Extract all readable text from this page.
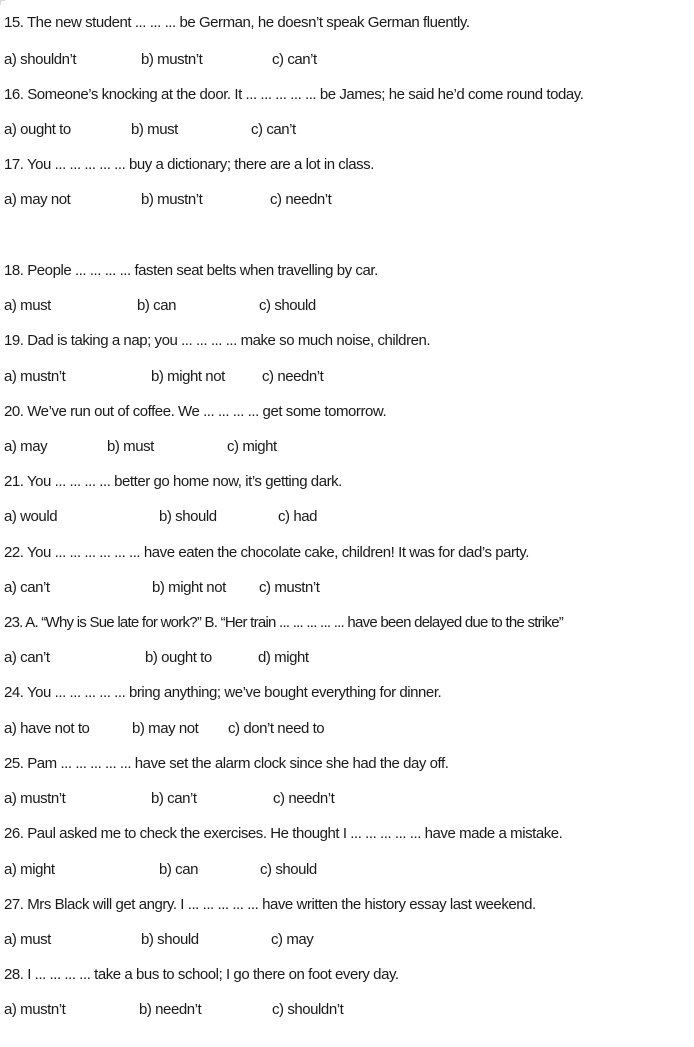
15. The new student ... ... ... be German, he doesn’t speak German fluently.
a) shouldn’t	b) mustn’t	c) can’t
16. Someone’s knocking at the door. It ... ... ... ... ... be James; he said he’d come round today.
a) ought to	b) must	c) can’t
17. You ... ... ... ... ... buy a dictionary; there are a lot in class.
a) may not	b) mustn’t	c) needn’t
18. People ... ... ... ... fasten seat belts when travelling by car.
a) must	b) can	c) should
19. Dad is taking a nap; you ... ... ... ... make so much noise, children.
a) mustn’t	b) might not c) needn’t
20. We’ve run out of coffee. We ... ... ... ... get some tomorrow.
a) may	b) must	c) might
21. You ... ... ... ... better go home now, it’s getting dark.
a) would	b) should	c) had
22. You ... ... ... ... ... ... have eaten the chocolate cake, children! It was for dad’s party.
a) can’t	b) might not c) mustn’t
23. A. “Why is Sue late for work?” B. “Her train ... ... ... ... ... have been delayed due to the strike”
a) can’t	b) ought to	d) might
24. You ... ... ... ... ... bring anything; we’ve bought everything for dinner.
a) have not to	b) may not c) don’t need to
25. Pam ... ... ... ... ... have set the alarm clock since she had the day off.
a) mustn’t	b) can’t	c) needn’t
26. Paul asked me to check the exercises. He thought I ... ... ... ... ... have made a mistake.
a) might	b) can	c) should
27. Mrs Black will get angry. I ... ... ... ... ... have written the history essay last weekend.
a) must	b) should	c) may
28. I ... ... ... ... take a bus to school; I go there on foot every day.
a) mustn’t	b) needn’t	c) shouldn’t
